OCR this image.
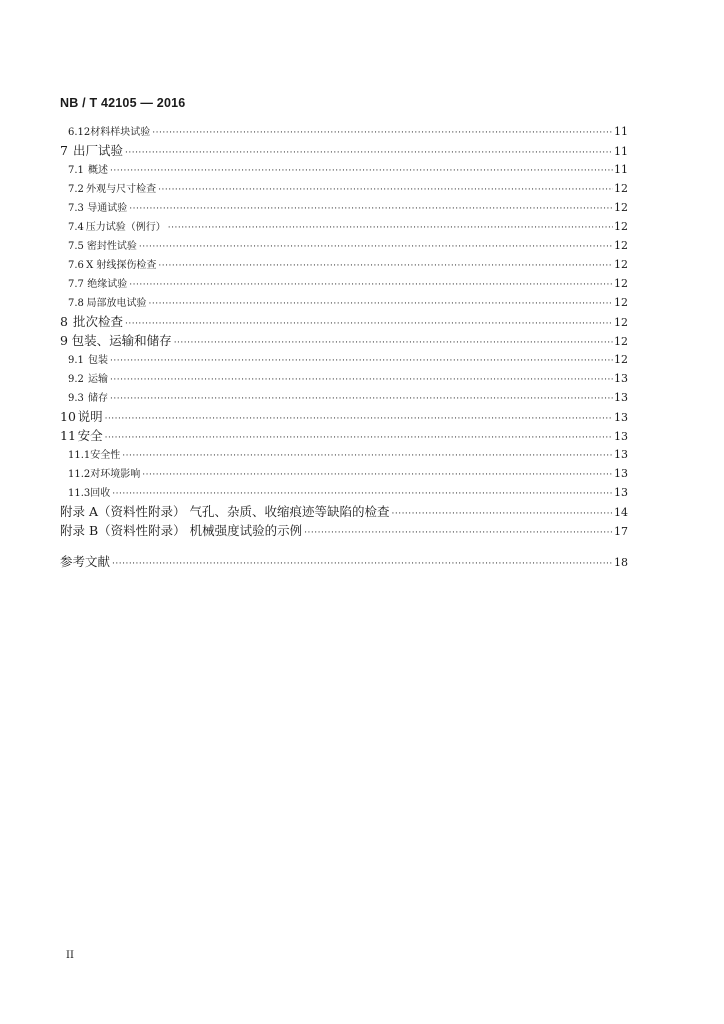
NB / T 42105 — 2016
6.12 材料样块试验 ·····	11
7 出厂试验 ·····	11
7.1 概述 ·····	11
7.2 外观与尺寸检查 ·····	12
7.3 导通试验 ·····	12
7.4 压力试验（例行） ·····	12
7.5 密封性试验 ·····	12
7.6 X 射线探伤检查 ·····	12
7.7 绝缘试验 ·····	12
7.8 局部放电试验 ·····	12
8 批次检查 ·····	12
9 包装、运输和储存 ·····	12
9.1 包装 ·····	12
9.2 运输 ·····	13
9.3 储存 ·····	13
10 说明 ·····	13
11 安全 ·····	13
11.1 安全性 ·····	13
11.2 对环境影响 ·····	13
11.3 回收 ·····	13
附录 A（资料性附录） 气孔、杂质、收缩痕迹等缺陷的检查 ·····	14
附录 B（资料性附录） 机械强度试验的示例 ·····	17
参考文献 ·····	18
II
